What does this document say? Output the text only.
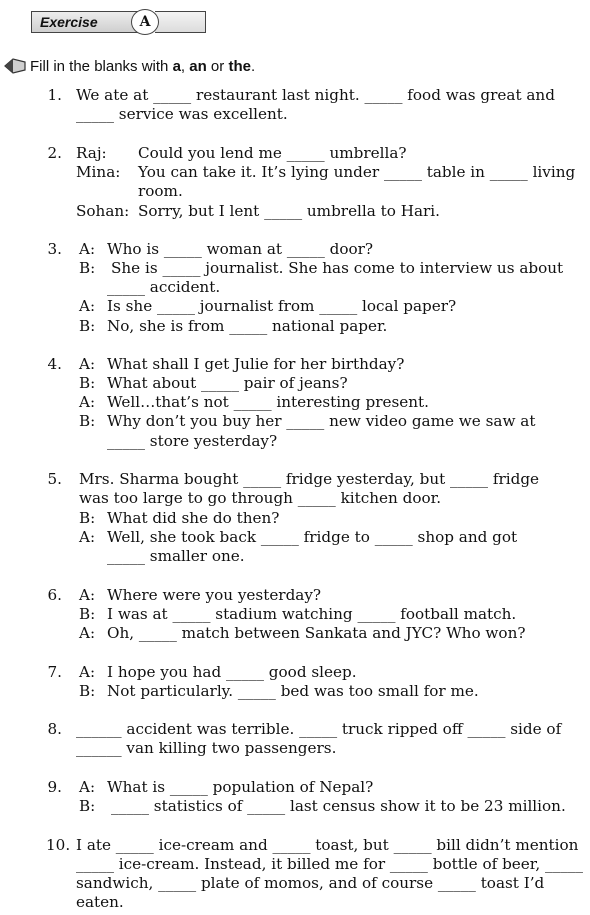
Exercise	A
Fill in the blanks with a, an or the.
1. We ate at _____ restaurant last night. _____ food was great and
_____ service was excellent.
2. Raj: Could you lend me _____ umbrella?
Mina: You can take it. It’s lying under _____ table in _____ living
room.
Sohan: Sorry, but I lent _____ umbrella to Hari.
3. A: Who is _____ woman at _____ door?
B: She is _____ journalist. She has come to interview us about
_____ accident.
A: Is she _____ journalist from _____ local paper?
B: No, she is from _____ national paper.
4. A: What shall I get Julie for her birthday?
B: What about _____ pair of jeans?
A: Well…that’s not _____ interesting present.
B: Why don’t you buy her _____ new video game we saw at
_____ store yesterday?
5. Mrs. Sharma bought _____ fridge yesterday, but _____ fridge
was too large to go through _____ kitchen door.
B: What did she do then?
A: Well, she took back _____ fridge to _____ shop and got
_____ smaller one.
6. A: Where were you yesterday?
B: I was at _____ stadium watching _____ football match.
A: Oh, _____ match between Sankata and JYC? Who won?
7. A: I hope you had _____ good sleep.
B: Not particularly. _____ bed was too small for me.
8. ______ accident was terrible. _____ truck ripped off _____ side of
______ van killing two passengers.
9. A: What is _____ population of Nepal?
B: _____ statistics of _____ last census show it to be 23 million.
10. I ate _____ ice-cream and _____ toast, but _____ bill didn’t mention
_____ ice-cream. Instead, it billed me for _____ bottle of beer, _____
sandwich, _____ plate of momos, and of course _____ toast I’d
eaten.
